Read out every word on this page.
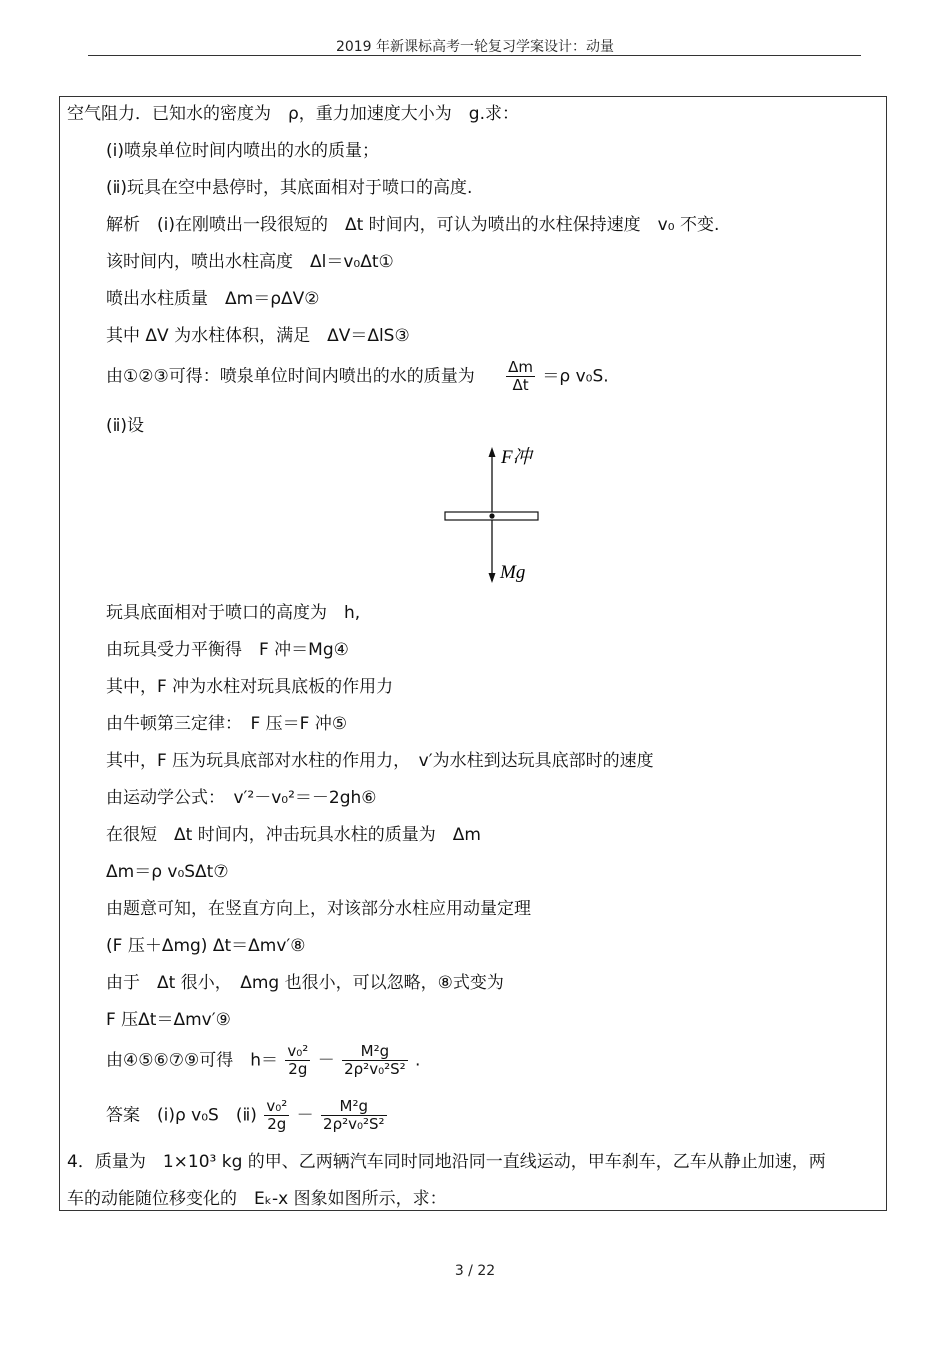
2019 年新课标高考一轮复习学案设计：动量
空气阻力．已知水的密度为　ρ，重力加速度大小为　g.求：
(ⅰ)喷泉单位时间内喷出的水的质量；
(ⅱ)玩具在空中悬停时，其底面相对于喷口的高度.
解析　(ⅰ)在刚喷出一段很短的　Δt 时间内，可认为喷出的水柱保持速度　v₀ 不变.
该时间内，喷出水柱高度　Δl＝v₀Δt①
喷出水柱质量　Δm＝ρΔV②
其中 ΔV 为水柱体积，满足　ΔV＝ΔlS③
由①②③可得：喷泉单位时间内喷出的水的质量为 $\frac{\Delta m}{\Delta t} =\rho$ v₀S.
(ⅱ)设
F冲
Mg
玩具底面相对于喷口的高度为　h,
由玩具受力平衡得　F 冲＝Mg④
其中，F 冲为水柱对玩具底板的作用力
由牛顿第三定律：　F 压＝F 冲⑤
其中，F 压为玩具底部对水柱的作用力，　v′为水柱到达玩具底部时的速度
由运动学公式：　v′²－v₀²＝－2gh⑥
在很短　Δt 时间内，冲击玩具水柱的质量为　Δm
Δm＝ρ v₀SΔt⑦
由题意可知，在竖直方向上，对该部分水柱应用动量定理
(F 压＋Δmg) Δt＝Δmv′⑧
由于　Δt 很小，　Δmg 也很小，可以忽略，⑧式变为
F 压Δt＝Δmv′⑨
由④⑤⑥⑦⑨可得　$h= \frac{\text{v₀²}}{2g} - \frac{\text{M²g}}{\text{2ρ²v₀²S²}}$ .
答案　(ⅰ)ρ v₀S　(ⅱ) $\frac{\text{v₀²}}{2g} - \frac{\text{M²g}}{\text{2ρ²v₀²S²}}$
4．质量为　1×10³ kg 的甲、乙两辆汽车同时同地沿同一直线运动，甲车刹车，乙车从静止加速，两
车的动能随位移变化的　Eₖ-x 图象如图所示，求：
3 / 22
